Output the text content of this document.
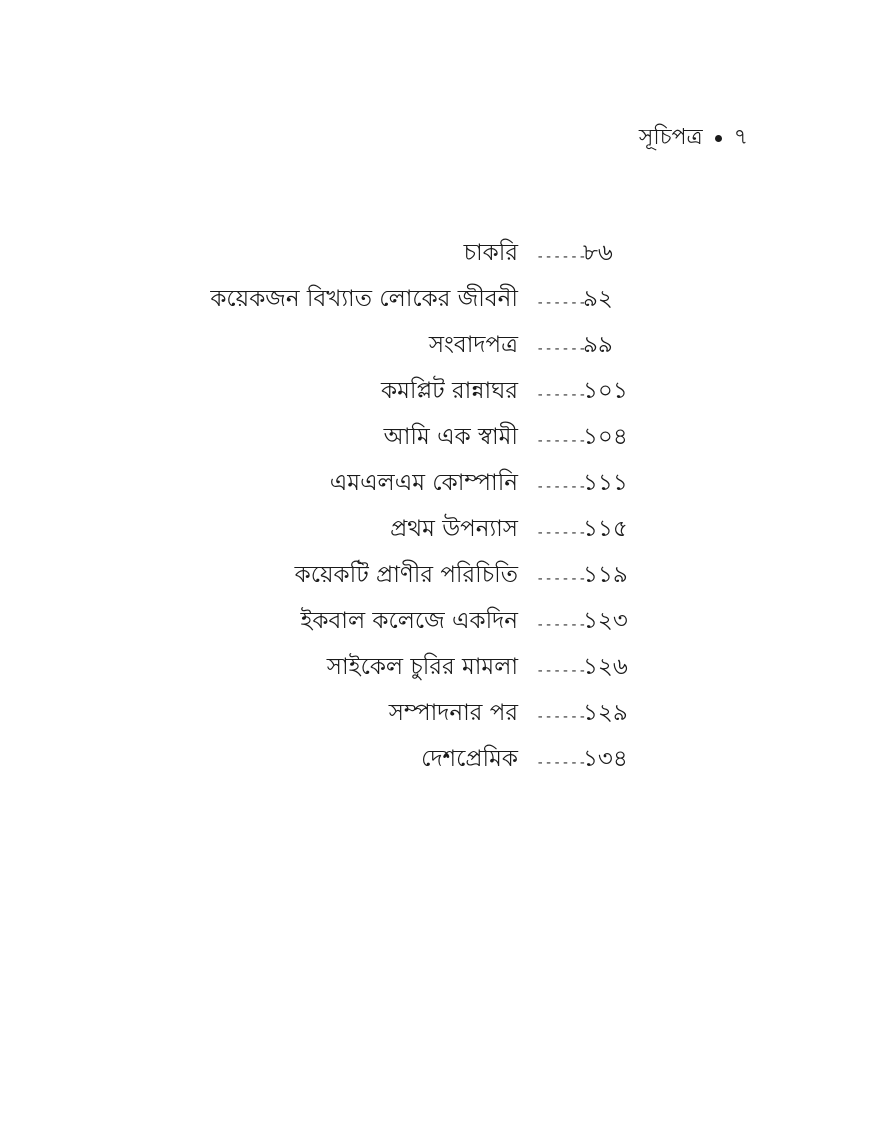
সূচিপত্র ৭
চাকরি ------
৮৬
কয়েকজন বিখ্যাত লোকের জীবনী ------
৯২
সংবাদপত্র ------
৯৯
কমপ্লিট রান্নাঘর ------
১০১
আমি এক স্বামী ------
১০৪
এমএলএম কোম্পানি ------
১১১
প্রথম উপন্যাস ------
১১৫
কয়েকটি প্রাণীর পরিচিতি ------
১১৯
ইকবাল কলেজে একদিন ------
১২৩
সাইকেল চুরির মামলা ------
১২৬
সম্পাদনার পর ------
১২৯
দেশপ্রেমিক ------
১৩৪
